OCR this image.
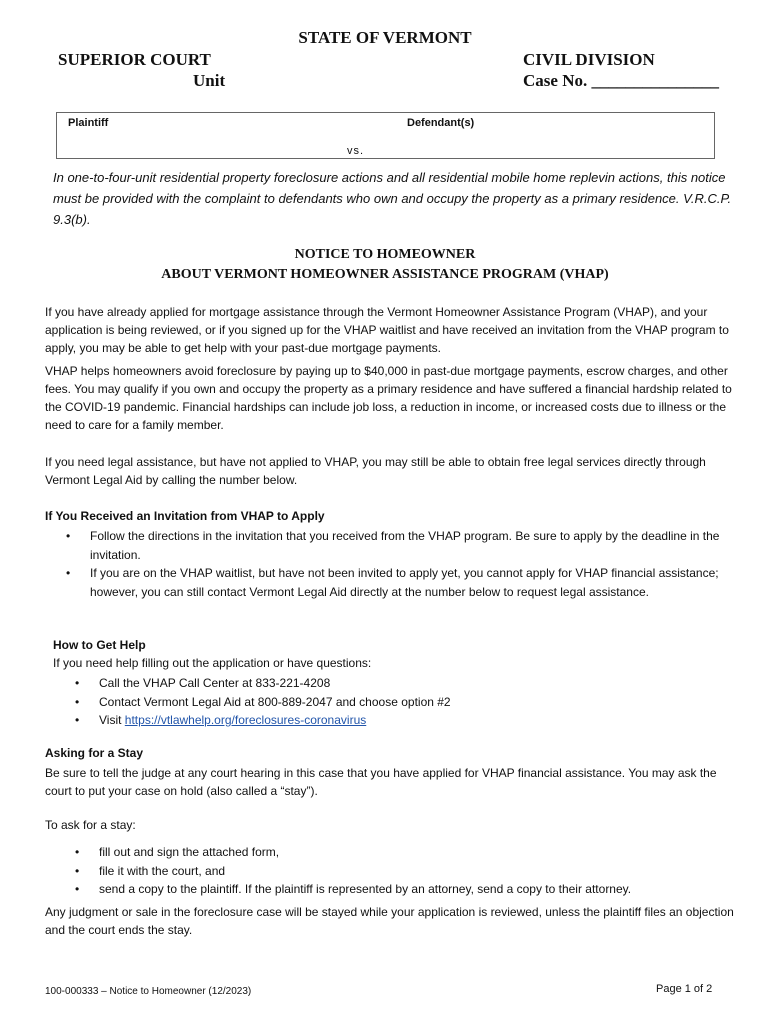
STATE OF VERMONT
SUPERIOR COURT
Unit
CIVIL DIVISION
Case No. _______________
Plaintiff	Defendant(s)
vs.
In one-to-four-unit residential property foreclosure actions and all residential mobile home replevin actions, this notice must be provided with the complaint to defendants who own and occupy the property as a primary residence. V.R.C.P. 9.3(b).
NOTICE TO HOMEOWNER
ABOUT VERMONT HOMEOWNER ASSISTANCE PROGRAM (VHAP)
If you have already applied for mortgage assistance through the Vermont Homeowner Assistance Program (VHAP), and your application is being reviewed, or if you signed up for the VHAP waitlist and have received an invitation from the VHAP program to apply, you may be able to get help with your past-due mortgage payments.
VHAP helps homeowners avoid foreclosure by paying up to $40,000 in past-due mortgage payments, escrow charges, and other fees. You may qualify if you own and occupy the property as a primary residence and have suffered a financial hardship related to the COVID-19 pandemic. Financial hardships can include job loss, a reduction in income, or increased costs due to illness or the need to care for a family member.
If you need legal assistance, but have not applied to VHAP, you may still be able to obtain free legal services directly through Vermont Legal Aid by calling the number below.
If You Received an Invitation from VHAP to Apply
• Follow the directions in the invitation that you received from the VHAP program. Be sure to apply by the deadline in the invitation.
• If you are on the VHAP waitlist, but have not been invited to apply yet, you cannot apply for VHAP financial assistance; however, you can still contact Vermont Legal Aid directly at the number below to request legal assistance.
How to Get Help
If you need help filling out the application or have questions:
• Call the VHAP Call Center at 833-221-4208
• Contact Vermont Legal Aid at 800-889-2047 and choose option #2
• Visit https://vtlawhelp.org/foreclosures-coronavirus
Asking for a Stay
Be sure to tell the judge at any court hearing in this case that you have applied for VHAP financial assistance. You may ask the court to put your case on hold (also called a “stay”).
To ask for a stay:
• fill out and sign the attached form,
• file it with the court, and
• send a copy to the plaintiff. If the plaintiff is represented by an attorney, send a copy to their attorney.
Any judgment or sale in the foreclosure case will be stayed while your application is reviewed, unless the plaintiff files an objection and the court ends the stay.
100-000333 – Notice to Homeowner (12/2023)	Page 1 of 2
